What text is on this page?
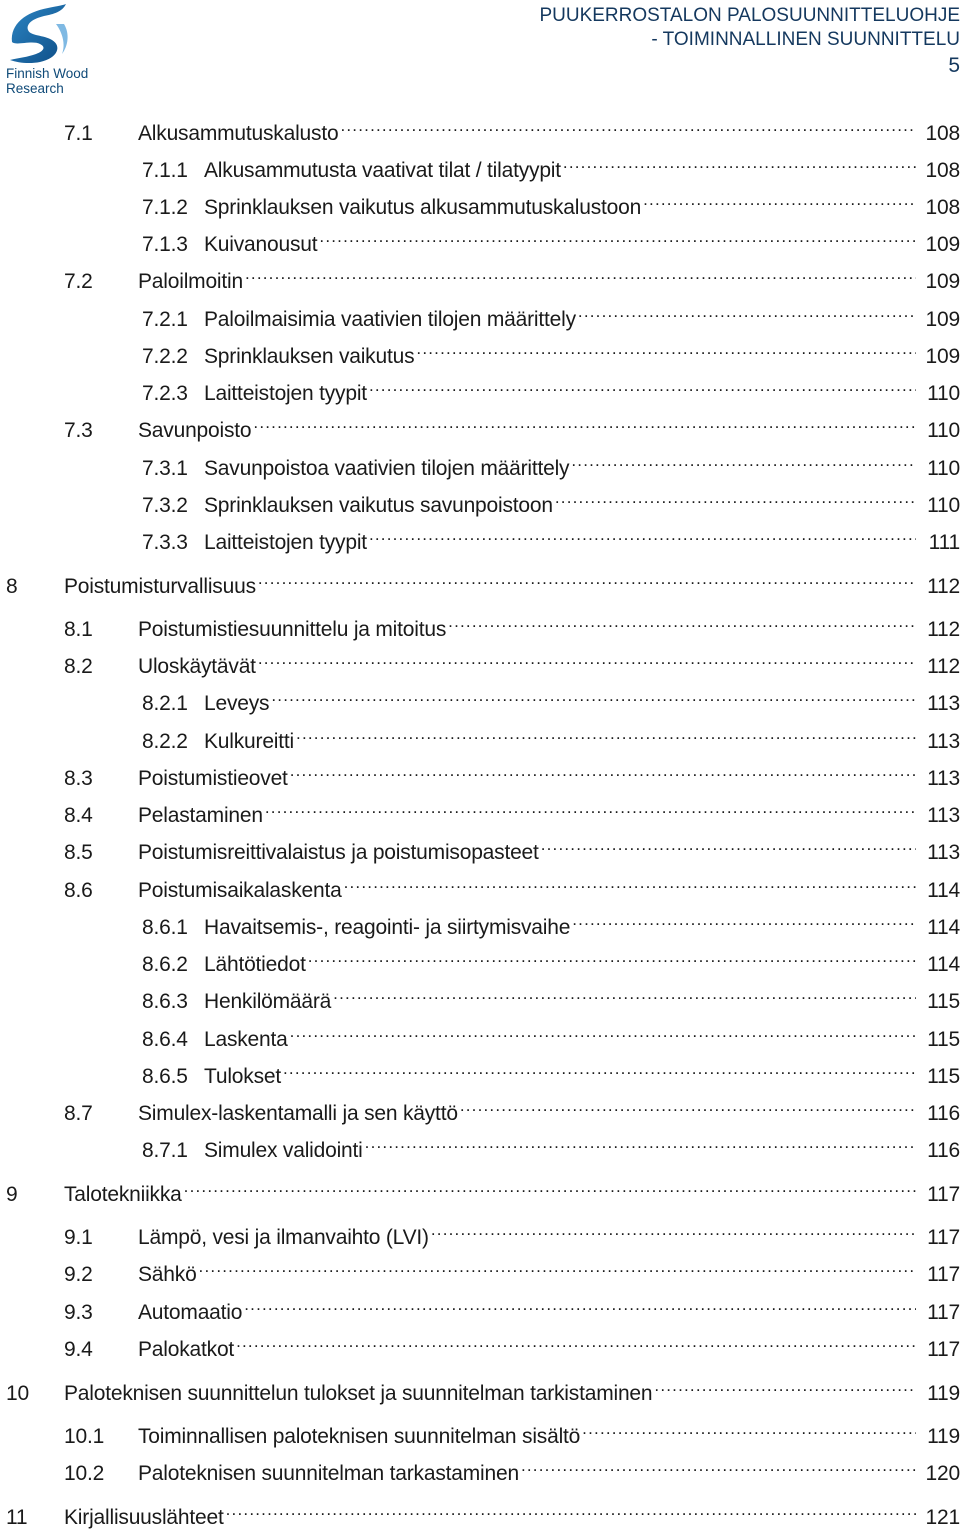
Finnish Wood
Research
PUUKERROSTALON PALOSUUNNITTELUOHJE
- TOIMINNALLINEN SUUNNITTELU
5
7.1	Alkusammutuskalusto .....	108
7.1.1 Alkusammutusta vaativat tilat / tilatyypit .....	108
7.1.2 Sprinklauksen vaikutus alkusammutuskalustoon .....	108
7.1.3 Kuivanousut .....	109
7.2	Paloilmoitin .....	109
7.2.1 Paloilmaisimia vaativien tilojen määrittely .....	109
7.2.2 Sprinklauksen vaikutus .....	109
7.2.3 Laitteistojen tyypit .....	110
7.3	Savunpoisto .....	110
7.3.1 Savunpoistoa vaativien tilojen määrittely .....	110
7.3.2 Sprinklauksen vaikutus savunpoistoon .....	110
7.3.3 Laitteistojen tyypit .....	111
8	Poistumisturvallisuus .....	112
8.1	Poistumistiesuunnittelu ja mitoitus .....	112
8.2	Uloskäytävät .....	112
8.2.1 Leveys .....	113
8.2.2 Kulkureitti .....	113
8.3	Poistumistieovet .....	113
8.4	Pelastaminen .....	113
8.5	Poistumisreittivalaistus ja poistumisopasteet .....	113
8.6	Poistumisaikalaskenta .....	114
8.6.1 Havaitsemis-, reagointi- ja siirtymisvaihe .....	114
8.6.2 Lähtötiedot .....	114
8.6.3 Henkilömäärä .....	115
8.6.4 Laskenta .....	115
8.6.5 Tulokset .....	115
8.7	Simulex-laskentamalli ja sen käyttö .....	116
8.7.1 Simulex validointi .....	116
9	Talotekniikka .....	117
9.1	Lämpö, vesi ja ilmanvaihto (LVI) .....	117
9.2	Sähkö .....	117
9.3	Automaatio .....	117
9.4	Palokatkot .....	117
10	Paloteknisen suunnittelun tulokset ja suunnitelman tarkistaminen .....	119
10.1	Toiminnallisen paloteknisen suunnitelman sisältö .....	119
10.2	Paloteknisen suunnitelman tarkastaminen .....	120
11	Kirjallisuuslähteet .....	121
